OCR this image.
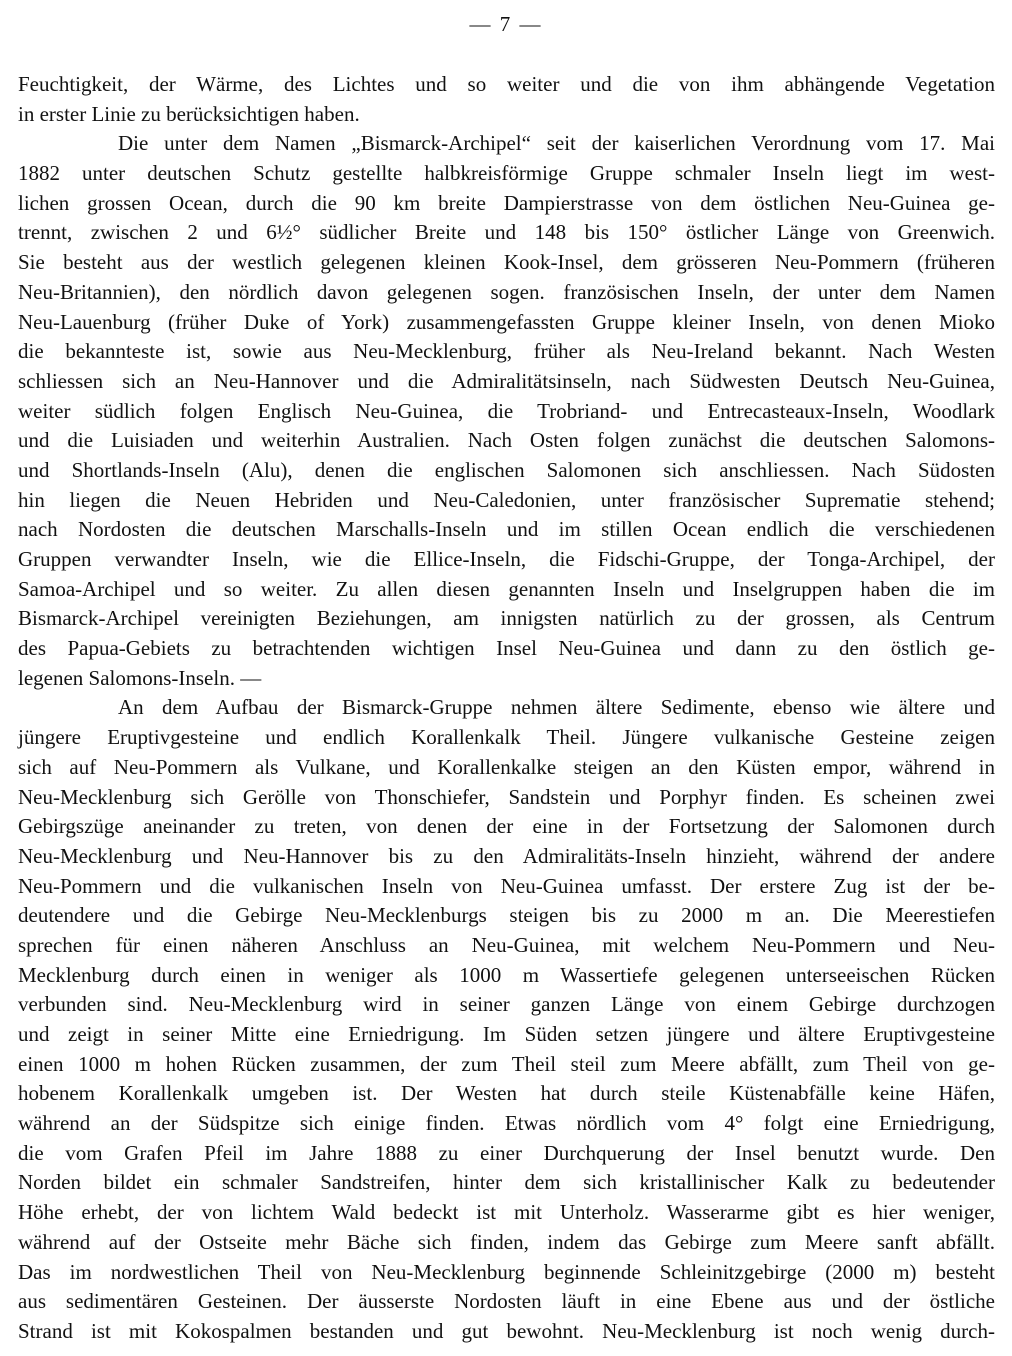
— 7 —
Feuchtigkeit, der Wärme, des Lichtes und so weiter und die von ihm abhängende Vegetation
in erster Linie zu berücksichtigen haben.
Die unter dem Namen „Bismarck-Archipel“ seit der kaiserlichen Verordnung vom 17. Mai
1882 unter deutschen Schutz gestellte halbkreisförmige Gruppe schmaler Inseln liegt im west-
lichen grossen Ocean, durch die 90 km breite Dampierstrasse von dem östlichen Neu-Guinea ge-
trennt, zwischen 2 und 6½° südlicher Breite und 148 bis 150° östlicher Länge von Greenwich.
Sie besteht aus der westlich gelegenen kleinen Kook-Insel, dem grösseren Neu-Pommern (früheren
Neu-Britannien), den nördlich davon gelegenen sogen. französischen Inseln, der unter dem Namen
Neu-Lauenburg (früher Duke of York) zusammengefassten Gruppe kleiner Inseln, von denen Mioko
die bekannteste ist, sowie aus Neu-Mecklenburg, früher als Neu-Ireland bekannt. Nach Westen
schliessen sich an Neu-Hannover und die Admiralitätsinseln, nach Südwesten Deutsch Neu-Guinea,
weiter südlich folgen Englisch Neu-Guinea, die Trobriand- und Entrecasteaux-Inseln, Woodlark
und die Luisiaden und weiterhin Australien. Nach Osten folgen zunächst die deutschen Salomons-
und Shortlands-Inseln (Alu), denen die englischen Salomonen sich anschliessen. Nach Südosten
hin liegen die Neuen Hebriden und Neu-Caledonien, unter französischer Suprematie stehend;
nach Nordosten die deutschen Marschalls-Inseln und im stillen Ocean endlich die verschiedenen
Gruppen verwandter Inseln, wie die Ellice-Inseln, die Fidschi-Gruppe, der Tonga-Archipel, der
Samoa-Archipel und so weiter. Zu allen diesen genannten Inseln und Inselgruppen haben die im
Bismarck-Archipel vereinigten Beziehungen, am innigsten natürlich zu der grossen, als Centrum
des Papua-Gebiets zu betrachtenden wichtigen Insel Neu-Guinea und dann zu den östlich ge-
legenen Salomons-Inseln. —
An dem Aufbau der Bismarck-Gruppe nehmen ältere Sedimente, ebenso wie ältere und
jüngere Eruptivgesteine und endlich Korallenkalk Theil. Jüngere vulkanische Gesteine zeigen
sich auf Neu-Pommern als Vulkane, und Korallenkalke steigen an den Küsten empor, während in
Neu-Mecklenburg sich Gerölle von Thonschiefer, Sandstein und Porphyr finden. Es scheinen zwei
Gebirgszüge aneinander zu treten, von denen der eine in der Fortsetzung der Salomonen durch
Neu-Mecklenburg und Neu-Hannover bis zu den Admiralitäts-Inseln hinzieht, während der andere
Neu-Pommern und die vulkanischen Inseln von Neu-Guinea umfasst. Der erstere Zug ist der be-
deutendere und die Gebirge Neu-Mecklenburgs steigen bis zu 2000 m an. Die Meerestiefen
sprechen für einen näheren Anschluss an Neu-Guinea, mit welchem Neu-Pommern und Neu-
Mecklenburg durch einen in weniger als 1000 m Wassertiefe gelegenen unterseeischen Rücken
verbunden sind. Neu-Mecklenburg wird in seiner ganzen Länge von einem Gebirge durchzogen
und zeigt in seiner Mitte eine Erniedrigung. Im Süden setzen jüngere und ältere Eruptivgesteine
einen 1000 m hohen Rücken zusammen, der zum Theil steil zum Meere abfällt, zum Theil von ge-
hobenem Korallenkalk umgeben ist. Der Westen hat durch steile Küstenabfälle keine Häfen,
während an der Südspitze sich einige finden. Etwas nördlich vom 4° folgt eine Erniedrigung,
die vom Grafen Pfeil im Jahre 1888 zu einer Durchquerung der Insel benutzt wurde. Den
Norden bildet ein schmaler Sandstreifen, hinter dem sich kristallinischer Kalk zu bedeutender
Höhe erhebt, der von lichtem Wald bedeckt ist mit Unterholz. Wasserarme gibt es hier weniger,
während auf der Ostseite mehr Bäche sich finden, indem das Gebirge zum Meere sanft abfällt.
Das im nordwestlichen Theil von Neu-Mecklenburg beginnende Schleinitzgebirge (2000 m) besteht
aus sedimentären Gesteinen. Der äusserste Nordosten läuft in eine Ebene aus und der östliche
Strand ist mit Kokospalmen bestanden und gut bewohnt. Neu-Mecklenburg ist noch wenig durch-
